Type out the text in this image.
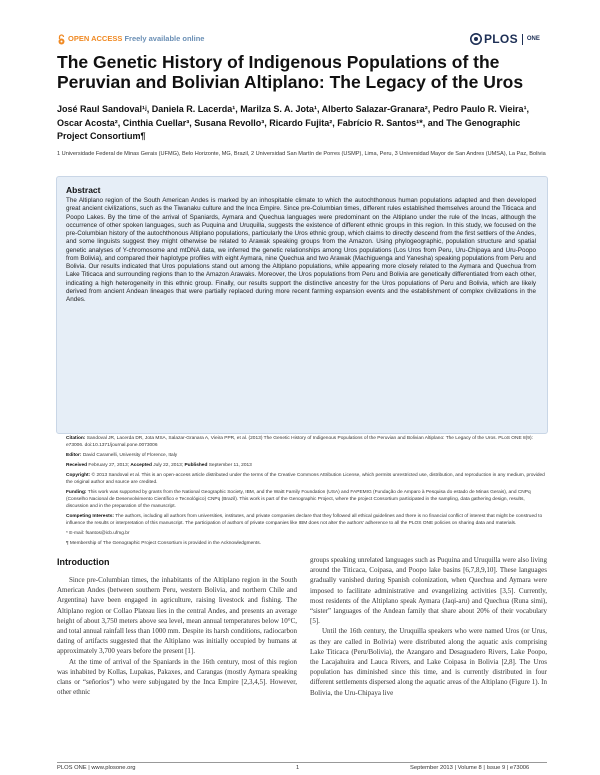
OPEN ACCESS Freely available online	PLOS ONE
The Genetic History of Indigenous Populations of the Peruvian and Bolivian Altiplano: The Legacy of the Uros
José Raul Sandoval¹ʲ, Daniela R. Lacerda¹, Marilza S. A. Jota¹, Alberto Salazar-Granara², Pedro Paulo R. Vieira¹, Oscar Acosta², Cinthia Cuellar³, Susana Revollo³, Ricardo Fujita², Fabrício R. Santos¹*, and The Genographic Project Consortium¶
1 Universidade Federal de Minas Gerais (UFMG), Belo Horizonte, MG, Brazil, 2 Universidad San Martín de Porres (USMP), Lima, Peru, 3 Universidad Mayor de San Andres (UMSA), La Paz, Bolivia
Abstract
The Altiplano region of the South American Andes is marked by an inhospitable climate to which the autochthonous human populations adapted and then developed great ancient civilizations, such as the Tiwanaku culture and the Inca Empire. Since pre-Columbian times, different rules established themselves around the Titicaca and Poopo Lakes. By the time of the arrival of Spaniards, Aymara and Quechua languages were predominant on the Altiplano under the rule of the Incas, although the occurrence of other spoken languages, such as Puquina and Uruquilla, suggests the existence of different ethnic groups in this region. In this study, we focused on the pre-Columbian history of the autochthonous Altiplano populations, particularly the Uros ethnic group, which claims to directly descend from the first settlers of the Andes, and some linguists suggest they might otherwise be related to Arawak speaking groups from the Amazon. Using phylogeographic, population structure and spatial genetic analyses of Y-chromosome and mtDNA data, we inferred the genetic relationships among Uros populations (Los Uros from Peru, Uru-Chipaya and Uru-Poopo from Bolivia), and compared their haplotype profiles with eight Aymara, nine Quechua and two Arawak (Machiguenga and Yanesha) speaking populations from Peru and Bolivia. Our results indicated that Uros populations stand out among the Altiplano populations, while appearing more closely related to the Aymara and Quechua from Lake Titicaca and surrounding regions than to the Amazon Arawaks. Moreover, the Uros populations from Peru and Bolivia are genetically differentiated from each other, indicating a high heterogeneity in this ethnic group. Finally, our results support the distinctive ancestry for the Uros populations of Peru and Bolivia, which are likely derived from ancient Andean lineages that were partially replaced during more recent farming expansion events and the establishment of complex civilizations in the Andes.

Citation: Sandoval JR, Lacerda DR, Jota MSA, Salazar-Granara A, Vieira PPR, et al. (2013) The Genetic History of Indigenous Populations of the Peruvian and Bolivian Altiplano: The Legacy of the Uros. PLoS ONE 8(9): e73006. doi:10.1371/journal.pone.0073006

Editor: David Caramelli, University of Florence, Italy

Received February 27, 2013; Accepted July 22, 2013; Published September 11, 2013

Copyright: © 2013 Sandoval et al. This is an open-access article distributed under the terms of the Creative Commons Attribution License, which permits unrestricted use, distribution, and reproduction in any medium, provided the original author and source are credited.

Funding: This work was supported by grants from the National Geographic Society, IBM, and the Waitt Family Foundation (USA) and FAPEMIG (Fundação de Amparo à Pesquisa do estado de Minas Gerais), and CNPq (Conselho Nacional de Desenvolvimento Científico e Tecnológico) CNPq (Brazil). This work is part of the Genographic Project, where the project Consortium participated in the sampling, data gathering design, results, discussion and in the preparation of the manuscript.

Competing Interests: The authors, including all authors from universities, institutes, and private companies declare that they followed all ethical guidelines and there is no financial conflict of interest that might be construed to influence the results or interpretation of this manuscript. The participation of authors of private companies like IBM does not alter the authors' adherence to all the PLOS ONE policies on sharing data and materials.

* E-mail: fsantos@icb.ufmg.br

¶ Membership of The Genographic Project Consortium is provided in the Acknowledgments.

Introduction

Since pre-Columbian times, the inhabitants of the Altiplano region in the South American Andes (between southern Peru, western Bolivia, and northern Chile and Argentina) have been engaged in agriculture, raising livestock and fishing. The Altiplano region or Collao Plateau lies in the central Andes, and presents an average height of about 3,750 meters above sea level, mean annual temperatures below 10°C, and total annual rainfall less than 1000 mm. Despite its harsh conditions, radiocarbon dating of artifacts suggested that the Altiplano was initially occupied by humans at approximately 3,700 years before the present [1].

At the time of arrival of the Spaniards in the 16th century, most of this region was inhabited by Kollas, Lupakas, Pakaxes, and Carangas (mostly Aymara speaking clans or “señoríos”) who were subjugated by the Inca Empire [2,3,4,5]. However, other ethnic

groups speaking unrelated languages such as Puquina and Uruquilla were also living around the Titicaca, Coipasa, and Poopo lake basins [6,7,8,9,10]. These languages gradually vanished during Spanish colonization, when Quechua and Aymara were imposed to facilitate administrative and evangelizing activities [3,5]. Currently, most residents of the Altiplano speak Aymara (Jaqi-aru) and Quechua (Runa simi), “sister” languages of the Andean family that share about 20% of their vocabulary [5].

Until the 16th century, the Uruquilla speakers who were named Uros (or Urus, as they are called in Bolivia) were distributed along the aquatic axis comprising Lake Titicaca (Peru/Bolivia), the Azangaro and Desaguadero Rivers, Lake Poopo, the Lacajahuira and Lauca Rivers, and Lake Coipasa in Bolivia [2,8]. The Uros population has diminished since this time, and is currently distributed in four different settlements dispersed along the aquatic areas of the Altiplano (Figure 1). In Bolivia, the Uru-Chipaya live

PLOS ONE | www.plosone.org	1	September 2013 | Volume 8 | Issue 9 | e73006
